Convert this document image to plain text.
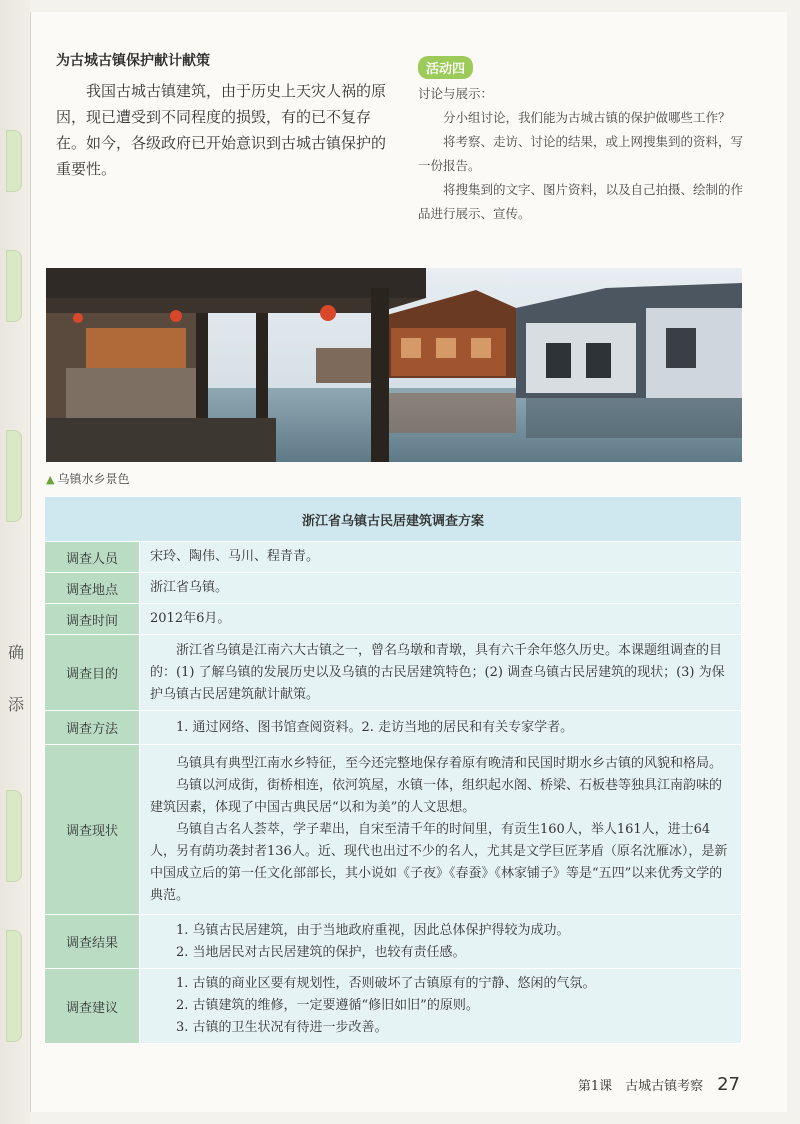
确
添
为古城古镇保护献计献策
我国古城古镇建筑，由于历史上天灾人祸的原因，现已遭受到不同程度的损毁，有的已不复存在。如今，各级政府已开始意识到古城古镇保护的重要性。
活动四

讨论与展示：

分小组讨论，我们能为古城古镇的保护做哪些工作？

将考察、走访、讨论的结果，或上网搜集到的资料，写一份报告。

将搜集到的文字、图片资料，以及自己拍摄、绘制的作品进行展示、宣传。

▲ 乌镇水乡景色
浙江省乌镇古民居建筑调查方案	
调查人员	宋玲、陶伟、马川、程青青。

调查地点	浙江省乌镇。

调查时间	2012年6月。

调查目的	浙江省乌镇是江南六大古镇之一，曾名乌墩和青墩，具有六千余年悠久历史。本课题组调查的目的：(1) 了解乌镇的发展历史以及乌镇的古民居建筑特色；(2) 调查乌镇古民居建筑的现状；(3) 为保护乌镇古民居建筑献计献策。

调查方法	1. 通过网络、图书馆查阅资料。2. 走访当地的居民和有关专家学者。

调查现状	乌镇具有典型江南水乡特征，至今还完整地保存着原有晚清和民国时期水乡古镇的风貌和格局。

乌镇以河成街，街桥相连，依河筑屋，水镇一体，组织起水阁、桥梁、石板巷等独具江南韵味的建筑因素，体现了中国古典民居“以和为美”的人文思想。

乌镇自古名人荟萃，学子辈出，自宋至清千年的时间里，有贡生160人，举人161人，进士64人，另有荫功袭封者136人。近、现代也出过不少的名人，尤其是文学巨匠茅盾（原名沈雁冰），是新中国成立后的第一任文化部部长，其小说如《子夜》《春蚕》《林家铺子》等是“五四”以来优秀文学的典范。

调查结果	1. 乌镇古民居建筑，由于当地政府重视，因此总体保护得较为成功。

2. 当地居民对古民居建筑的保护，也较有责任感。

调查建议	1. 古镇的商业区要有规划性，否则破坏了古镇原有的宁静、悠闲的气氛。

2. 古镇建筑的维修，一定要遵循“修旧如旧”的原则。

3. 古镇的卫生状况有待进一步改善。

第1课　古城古镇考察 27
